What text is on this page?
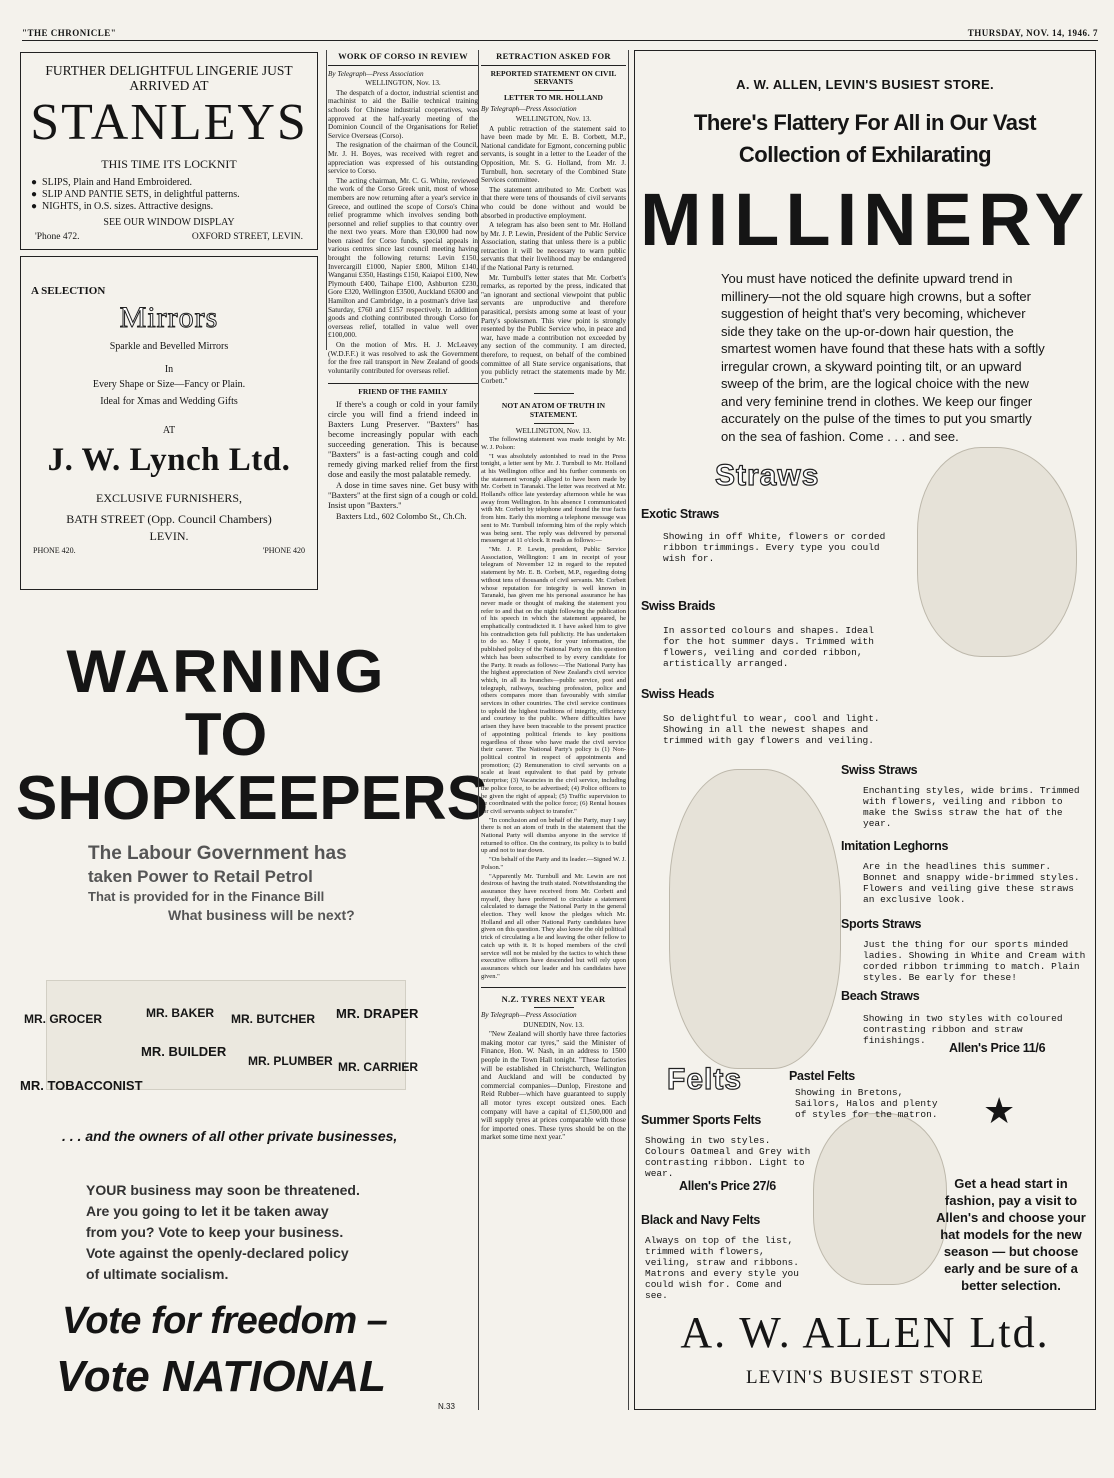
"THE CHRONICLE"	THURSDAY, NOV. 14, 1946. 7
FURTHER DELIGHTFUL LINGERIE JUST ARRIVED AT
STANLEYS
THIS TIME ITS LOCKNIT
●  SLIPS, Plain and Hand Embroidered.
●  SLIP AND PANTIE SETS, in delightful patterns.
●  NIGHTS, in O.S. sizes. Attractive designs.
SEE OUR WINDOW DISPLAY
'Phone 472.	OXFORD STREET, LEVIN.
A SELECTION
Mirrors
Sparkle and Bevelled Mirrors
In
Every Shape or Size—Fancy or Plain.
Ideal for Xmas and Wedding Gifts
AT
J. W. Lynch Ltd.
EXCLUSIVE FURNISHERS,
BATH STREET (Opp. Council Chambers)
LEVIN.
PHONE 420.	'PHONE 420
WARNING
TO
SHOPKEEPERS
The Labour Government has
taken Power to Retail Petrol
That is provided for in the Finance Bill
What business will be next?
MR. GROCER	MR. BAKER MR. BUTCHER MR. DRAPER
MR. BUILDER
MR. PLUMBER MR. CARRIER
MR. TOBACCONIST
. . . and the owners of all other private businesses,
YOUR business may soon be threatened.
Are you going to let it be taken away
from you? Vote to keep your business.
Vote against the openly-declared policy
of ultimate socialism.
Vote for freedom –
Vote NATIONAL
N.33
WORK OF CORSO IN REVIEW

By Telegraph—Press Association

WELLINGTON, Nov. 13.

The despatch of a doctor, industrial scientist and machinist to aid the Bailie technical training schools for Chinese industrial cooperatives, was approved at the half-yearly meeting of the Dominion Council of the Organisations for Relief Service Overseas (Corso).

The resignation of the chairman of the Council, Mr. J. H. Boyes, was received with regret and appreciation was expressed of his outstanding service to Corso.

The acting chairman, Mr. C. G. White, reviewed the work of the Corso Greek unit, most of whose members are now returning after a year's service in Greece, and outlined the scope of Corso's China relief programme which involves sending both personnel and relief supplies to that country over the next two years. More than £30,000 had now been raised for Corso funds, special appeals in various centres since last council meeting having brought the following returns: Levin £150, Invercargill £1000, Napier £800, Milton £140, Wanganui £350, Hastings £150, Kaiapoi £100, New Plymouth £400, Taihape £100, Ashburton £230, Gore £320, Wellington £3500, Auckland £6300 and Hamilton and Cambridge, in a postman's drive last Saturday, £760 and £157 respectively. In addition goods and clothing contributed through Corso for overseas relief, totalled in value well over £100,000.

On the motion of Mrs. H. J. McLeavey (W.D.F.F.) it was resolved to ask the Government for the free rail transport in New Zealand of goods voluntarily contributed for overseas relief.

FRIEND OF THE FAMILY

If there's a cough or cold in your family circle you will find a friend indeed in Baxters Lung Preserver. "Baxters" has become increasingly popular with each succeeding generation. This is because "Baxters" is a fast-acting cough and cold remedy giving marked relief from the first dose and easily the most palatable remedy.

A dose in time saves nine. Get busy with "Baxters" at the first sign of a cough or cold. Insist upon "Baxters."

Baxters Ltd., 602 Colombo St., Ch.Ch.

RETRACTION ASKED FOR
REPORTED STATEMENT ON CIVIL SERVANTS
LETTER TO MR. HOLLAND

By Telegraph—Press Association

WELLINGTON, Nov. 13.

A public retraction of the statement said to have been made by Mr. E. B. Corbett, M.P., National candidate for Egmont, concerning public servants, is sought in a letter to the Leader of the Opposition, Mr. S. G. Holland, from Mr. J. Turnbull, hon. secretary of the Combined State Services committee.

The statement attributed to Mr. Corbett was that there were tens of thousands of civil servants who could be done without and would be absorbed in productive employment.

A telegram has also been sent to Mr. Holland by Mr. J. P. Lewin, President of the Public Service Association, stating that unless there is a public retraction it will be necessary to warn public servants that their livelihood may be endangered if the National Party is returned.

Mr. Turnbull's letter states that Mr. Corbett's remarks, as reported by the press, indicated that "an ignorant and sectional viewpoint that public servants are unproductive and therefore parasitical, persists among some at least of your Party's spokesmen. This view point is strongly resented by the Public Service who, in peace and war, have made a contribution not exceeded by any section of the community. I am directed, therefore, to request, on behalf of the combined committee of all State service organisations, that you publicly retract the statements made by Mr. Corbett."

NOT AN ATOM OF TRUTH IN STATEMENT.

WELLINGTON, Nov. 13.

The following statement was made tonight by Mr. W. J. Polson:

"I was absolutely astonished to read in the Press tonight, a letter sent by Mr. J. Turnbull to Mr. Holland at his Wellington office and his further comments on the statement wrongly alleged to have been made by Mr. Corbett in Taranaki. The letter was received at Mr. Holland's office late yesterday afternoon while he was away from Wellington. In his absence I communicated with Mr. Corbett by telephone and found the true facts from him. Early this morning a telephone message was sent to Mr. Turnbull informing him of the reply which was being sent. The reply was delivered by personal messenger at 11 o'clock. It reads as follows:—

"Mr. J. P. Lewin, president, Public Service Association, Wellington: I am in receipt of your telegram of November 12 in regard to the reputed statement by Mr. E. B. Corbett, M.P., regarding doing without tens of thousands of civil servants. Mr. Corbett whose reputation for integrity is well known in Taranaki, has given me his personal assurance he has never made or thought of making the statement you refer to and that on the night following the publication of his speech in which the statement appeared, he emphatically contradicted it. I have asked him to give his contradiction gets full publicity. He has undertaken to do so. May I quote, for your information, the published policy of the National Party on this question which has been subscribed to by every candidate for the Party. It reads as follows:—The National Party has the highest appreciation of New Zealand's civil service which, in all its branches—public service, post and telegraph, railways, teaching profession, police and others compares more than favourably with similar services in other countries. The civil service continues to uphold the highest traditions of integrity, efficiency and courtesy to the public. Where difficulties have arisen they have been traceable to the present practice of appointing political friends to key positions regardless of those who have made the civil service their career. The National Party's policy is (1) Non-political control in respect of appointments and promotion; (2) Remuneration to civil servants on a scale at least equivalent to that paid by private enterprise; (3) Vacancies in the civil service, including the police force, to be advertised; (4) Police officers to be given the right of appeal; (5) Traffic supervision to be coordinated with the police force; (6) Rental houses for civil servants subject to transfer."

"In conclusion and on behalf of the Party, may I say there is not an atom of truth in the statement that the National Party will dismiss anyone in the service if returned to office. On the contrary, its policy is to build up and not to tear down.

"On behalf of the Party and its leader.—Signed W. J. Polson."

"Apparently Mr. Turnbull and Mr. Lewin are not desirous of having the truth stated. Notwithstanding the assurance they have received from Mr. Corbett and myself, they have preferred to circulate a statement calculated to damage the National Party in the general election. They well know the pledges which Mr. Holland and all other National Party candidates have given on this question. They also know the old political trick of circulating a lie and leaving the other fellow to catch up with it. It is hoped members of the civil service will not be misled by the tactics to which these executive officers have descended but will rely upon assurances which our leader and his candidates have given."

N.Z. TYRES NEXT YEAR

By Telegraph—Press Association

DUNEDIN, Nov. 13.

"New Zealand will shortly have three factories making motor car tyres," said the Minister of Finance, Hon. W. Nash, in an address to 1500 people in the Town Hall tonight. "These factories will be established in Christchurch, Wellington and Auckland and will be conducted by commercial companies—Dunlop, Firestone and Reid Rubber—which have guaranteed to supply all motor tyres except outsized ones. Each company will have a capital of £1,500,000 and will supply tyres at prices comparable with those for imported ones. These tyres should be on the market some time next year."

A. W. ALLEN, LEVIN'S BUSIEST STORE.
There's Flattery For All in Our Vast
Collection of Exhilarating
MILLINERY
You must have noticed the definite upward trend in millinery—not the old square high crowns, but a softer suggestion of height that's very becoming, whichever side they take on the up-or-down hair question, the smartest women have found that these hats with a softly irregular crown, a skyward pointing tilt, or an upward sweep of the brim, are the logical choice with the new and very feminine trend in clothes. We keep our finger accurately on the pulse of the times to put you smartly on the sea of fashion. Come . . . and see.
Straws
Exotic Straws
Showing in off White, flowers or corded ribbon trimmings. Every type you could wish for.
Swiss Braids
In assorted colours and shapes. Ideal for the hot summer days. Trimmed with flowers, veiling and corded ribbon, artistically arranged.
Swiss Heads
So delightful to wear, cool and light. Showing in all the newest shapes and trimmed with gay flowers and veiling.
Swiss Straws
Enchanting styles, wide brims. Trimmed with flowers, veiling and ribbon to make the Swiss straw the hat of the year.
Imitation Leghorns
Are in the headlines this summer. Bonnet and snappy wide-brimmed styles. Flowers and veiling give these straws an exclusive look.
Sports Straws
Just the thing for our sports minded ladies. Showing in White and Cream with corded ribbon trimming to match. Plain styles. Be early for these!
Beach Straws
Showing in two styles with coloured contrasting ribbon and straw finishings.
Allen's Price 11/6
Felts	Pastel Felts
Showing in Bretons, Sailors, Halos and plenty of styles for the matron. ★
Summer Sports Felts
Showing in two styles. Colours Oatmeal and Grey with contrasting ribbon. Light to wear.
Allen's Price 27/6
Black and Navy Felts
Always on top of the list, trimmed with flowers, veiling, straw and ribbons. Matrons and every style you could wish for. Come and see.
Get a head start in fashion, pay a visit to Allen's and choose your hat models for the new season — but choose early and be sure of a better selection.
A. W. ALLEN Ltd.
LEVIN'S BUSIEST STORE
